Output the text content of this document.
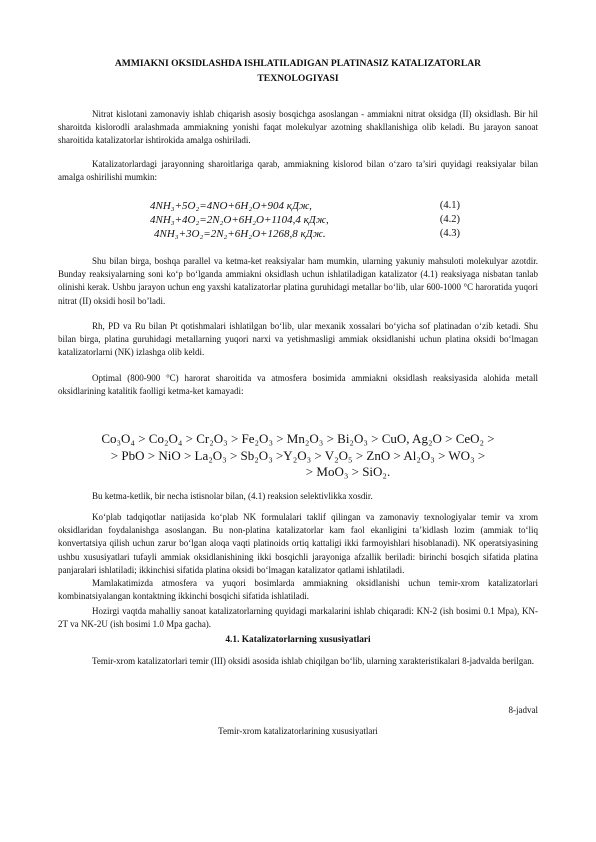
AMMIAKNI OKSIDLASHDA ISHLATILADIGAN PLATINASIZ KATALIZATORLAR
TEXNOLOGIYASI

Nitrat kislotani zamonaviy ishlab chiqarish asosiy bosqichga asoslangan - ammiakni nitrat oksidga (II) oksidlash. Bir hil sharoitda kislorodli aralashmada ammiakning yonishi faqat molekulyar azotning shakllanishiga olib keladi. Bu jarayon sanoat sharoitida katalizatorlar ishtirokida amalga oshiriladi.

Katalizatorlardagi jarayonning sharoitlariga qarab, ammiakning kislorod bilan o‘zaro ta’siri quyidagi reaksiyalar bilan amalga oshirilishi mumkin:

4NH₃+5O₂=4NO+6H₂O+904 кДж,	(4.1)
4NH₃+4O₂=2N₂O+6H₂O+1104,4 кДж,	(4.2)
4NH₃+3O₂=2N₂+6H₂O+1268,8 кДж.	(4.3)

Shu bilan birga, boshqa parallel va ketma-ket reaksiyalar ham mumkin, ularning yakuniy mahsuloti molekulyar azotdir. Bunday reaksiyalarning soni ko‘p bo‘lganda ammiakni oksidlash uchun ishlatiladigan katalizator (4.1) reaksiyaga nisbatan tanlab olinishi kerak. Ushbu jarayon uchun eng yaxshi katalizatorlar platina guruhidagi metallar bo‘lib, ular 600-1000 °C haroratida yuqori nitrat (II) oksidi hosil bo’ladi.

Rh, PD va Ru bilan Pt qotishmalari ishlatilgan bo‘lib, ular mexanik xossalari bo‘yicha sof platinadan o‘zib ketadi. Shu bilan birga, platina guruhidagi metallarning yuqori narxi va yetishmasligi ammiak oksidlanishi uchun platina oksidi bo‘lmagan katalizatorlarni (NK) izlashga olib keldi.

Optimal (800-900 °C) harorat sharoitida va atmosfera bosimida ammiakni oksidlash reaksiyasida alohida metall oksidlarining katalitik faolligi ketma-ket kamayadi:

Co₃O₄ > Co₂O₄ > Cr₂O₃ > Fe₂O₃ > Mn₂O₃ > Bi₂O₃ > CuO, Ag₂O > CeO₂ >
> PbO > NiO > La₂O₃ > Sb₂O₃ >Y₂O₃ > V₂O₅ > ZnO > Al₂O₃ > WO₃ >
> MoO₃ > SiO₂.

Bu ketma-ketlik, bir necha istisnolar bilan, (4.1) reaksion selektivlikka xosdir.

Ko‘plab tadqiqotlar natijasida ko‘plab NK formulalari taklif qilingan va zamonaviy texnologiyalar temir va xrom oksidlaridan foydalanishga asoslangan. Bu non-platina katalizatorlar kam faol ekanligini ta’kidlash lozim (ammiak to‘liq konvertatsiya qilish uchun zarur bo‘lgan aloqa vaqti platinoids ortiq kattaligi ikki farmoyishlari hisoblanadi). NK operatsiyasining ushbu xususiyatlari tufayli ammiak oksidlanishining ikki bosqichli jarayoniga afzallik beriladi: birinchi bosqich sifatida platina panjaralari ishlatiladi; ikkinchisi sifatida platina oksidi bo‘lmagan katalizator qatlami ishlatiladi.

Mamlakatimizda atmosfera va yuqori bosimlarda ammiakning oksidlanishi uchun temir-xrom katalizatorlari kombinatsiyalangan kontaktning ikkinchi bosqichi sifatida ishlatiladi.

Hozirgi vaqtda mahalliy sanoat katalizatorlarning quyidagi markalarini ishlab chiqaradi: KN-2 (ish bosimi 0.1 Mpa), KN-2T va NK-2U (ish bosimi 1.0 Mpa gacha).

4.1. Katalizatorlarning xususiyatlari

Temir-xrom katalizatorlari temir (III) oksidi asosida ishlab chiqilgan bo‘lib, ularning xarakteristikalari 8-jadvalda berilgan.

8-jadval
Temir-xrom katalizatorlarining xususiyatlari
